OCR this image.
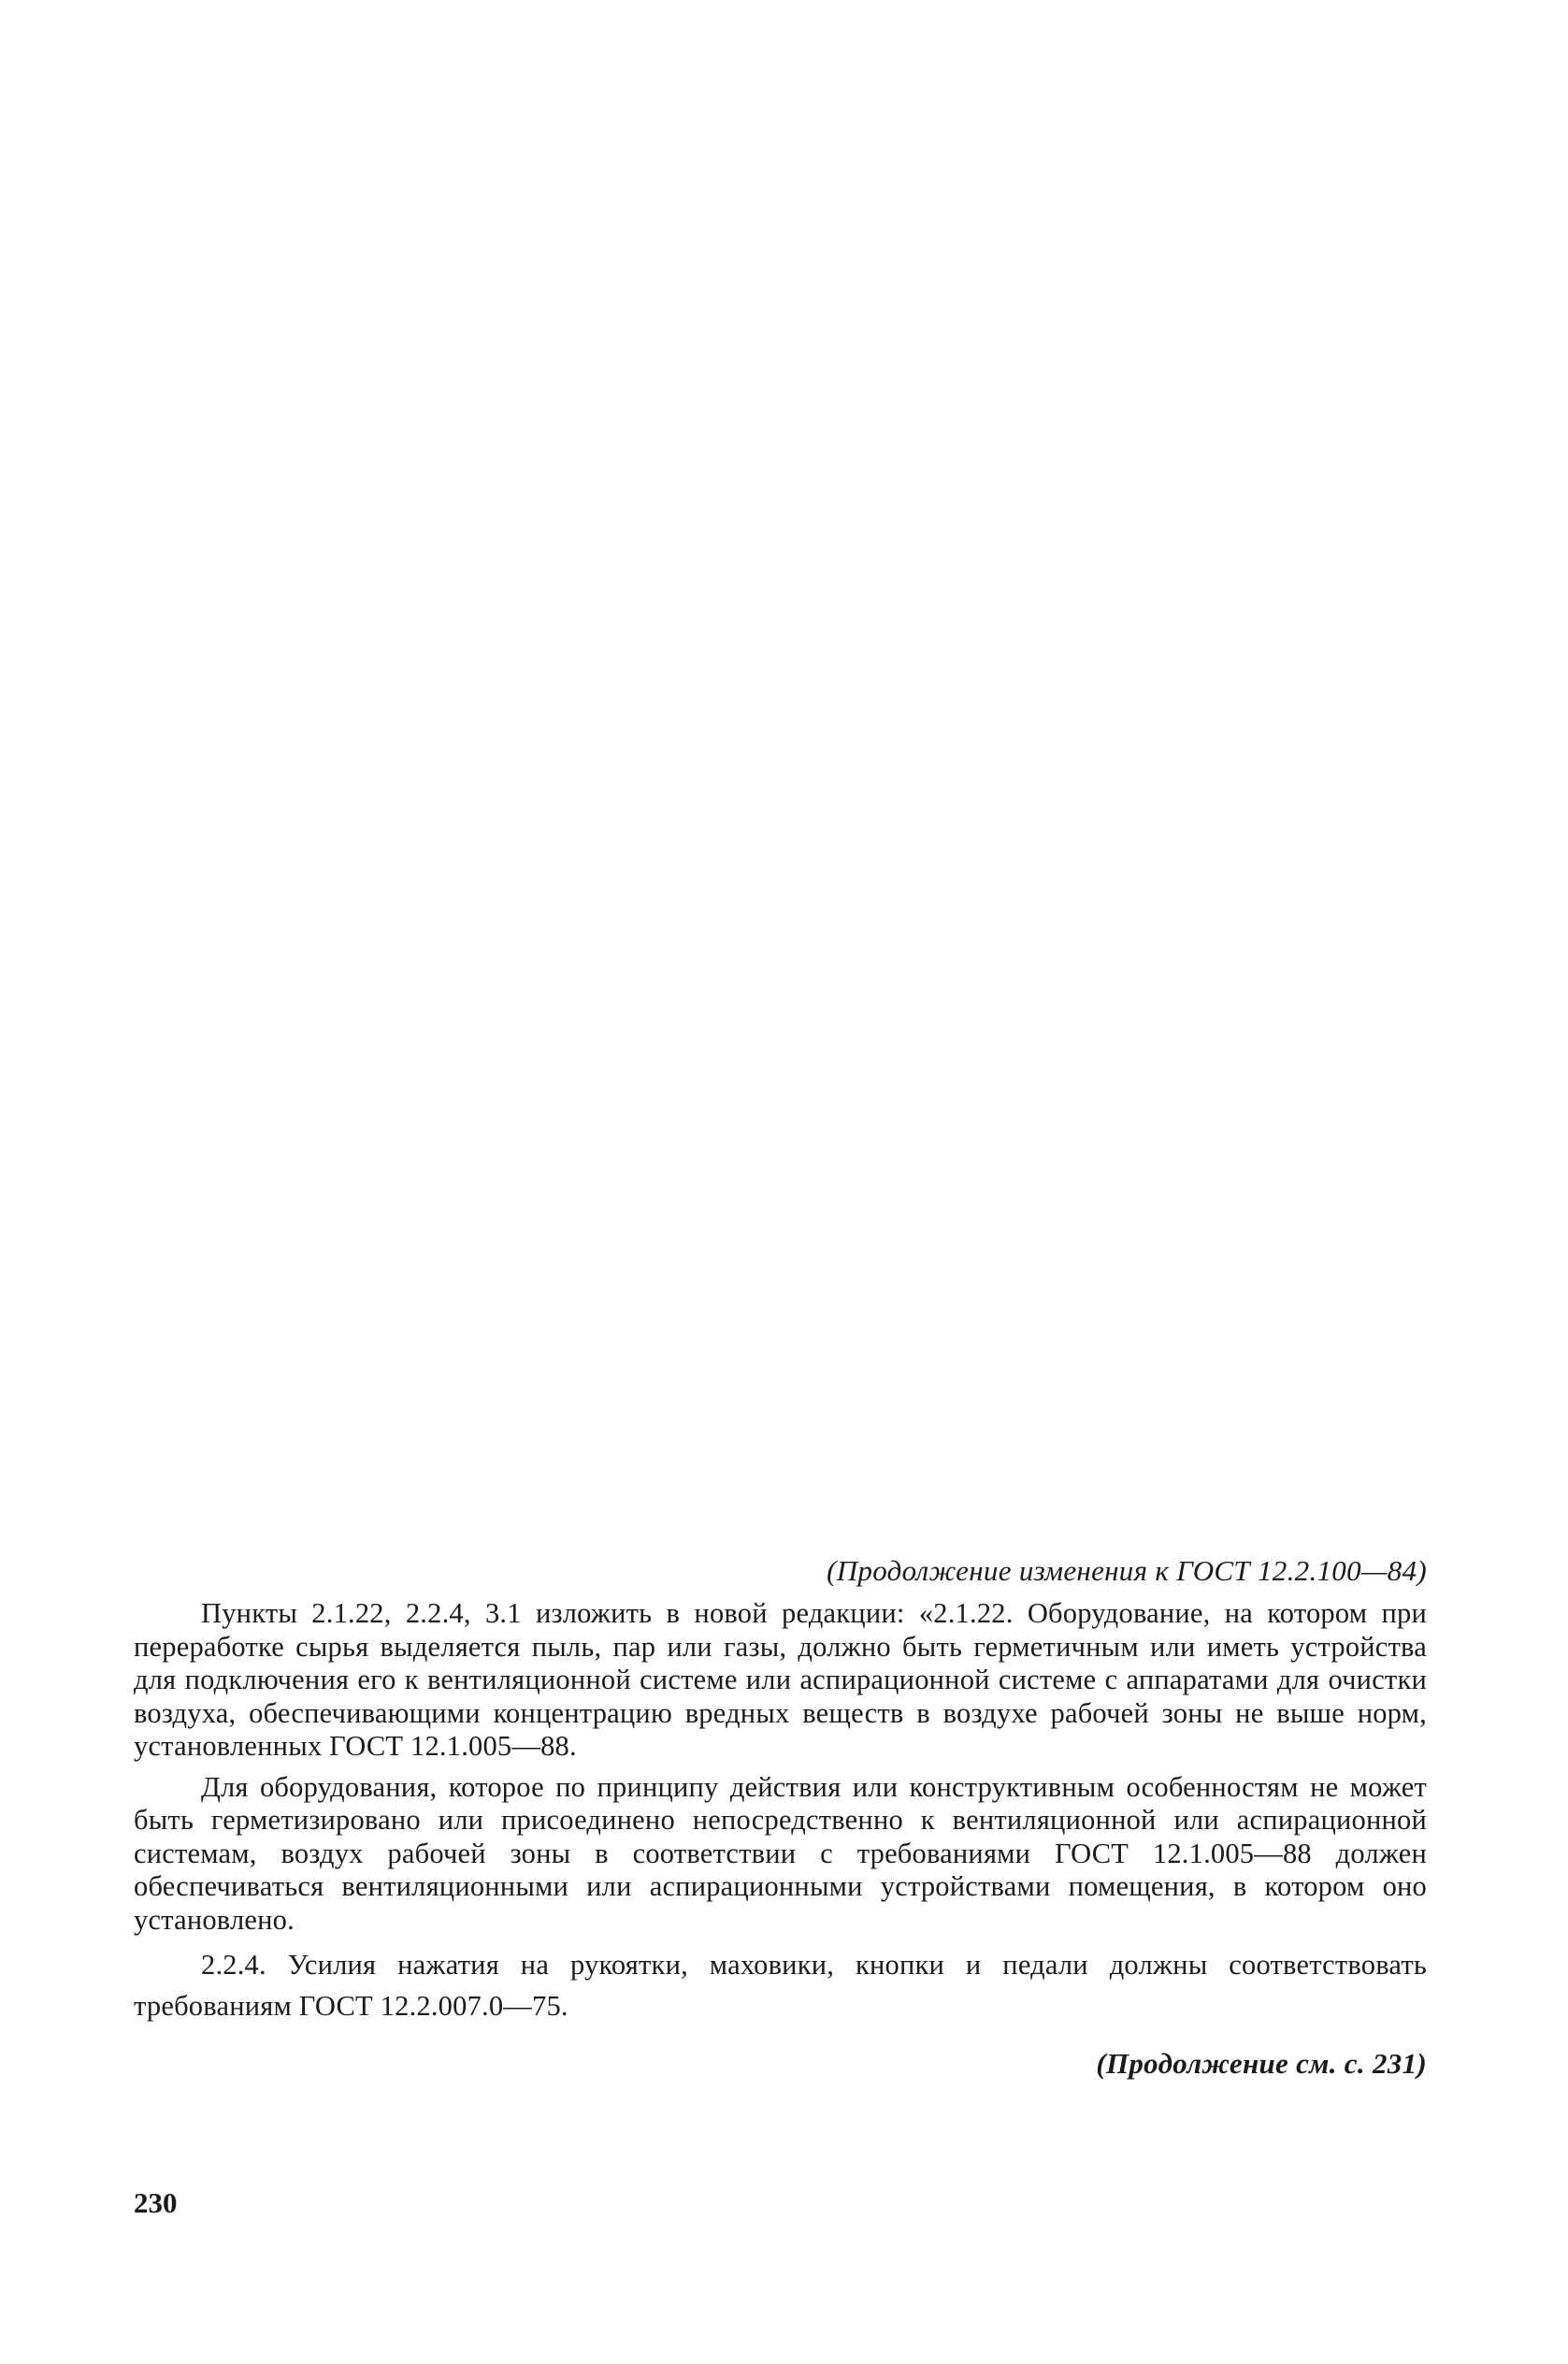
(Продолжение изменения к ГОСТ 12.2.100—84)

Пункты 2.1.22, 2.2.4, 3.1 изложить в новой редакции: «2.1.22. Оборудование, на котором при переработке сырья выделяется пыль, пар или газы, должно быть герметичным или иметь устройства для подключения его к вентиляционной системе или аспирационной системе с аппаратами для очистки воздуха, обеспечивающими концентрацию вредных веществ в воздухе рабочей зоны не выше норм, установленных ГОСТ 12.1.005—88.

Для оборудования, которое по принципу действия или конструктивным особенностям не может быть герметизировано или присоединено непосредственно к вентиляционной или аспирационной системам, воздух рабочей зоны в соответствии с требованиями ГОСТ 12.1.005—88 должен обеспечиваться вентиляционными или аспирационными устройствами помещения, в котором оно установлено.

2.2.4. Усилия нажатия на рукоятки, маховики, кнопки и педали должны соответствовать требованиям ГОСТ 12.2.007.0—75.

(Продолжение см. с. 231)
230
